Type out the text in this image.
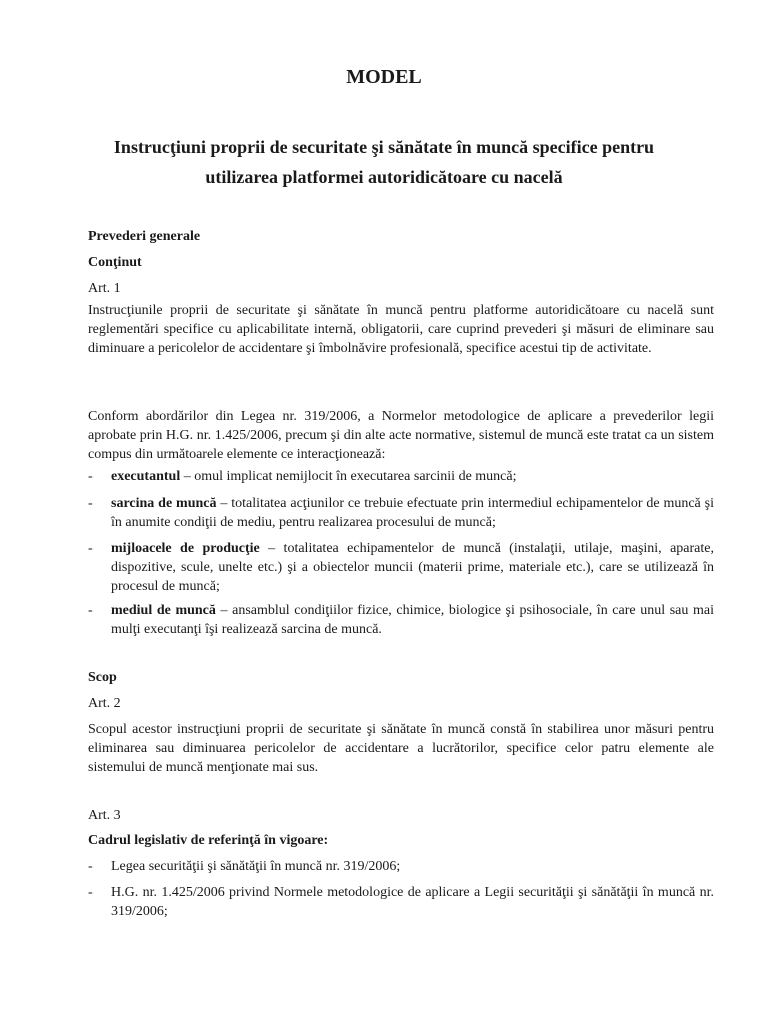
MODEL
Instrucţiuni proprii de securitate şi sănătate în muncă specifice pentru
utilizarea platformei autoridicătoare cu nacelă
Prevederi generale
Conţinut
Art. 1
Instrucţiunile proprii de securitate şi sănătate în muncă pentru platforme autoridicătoare cu nacelă sunt reglementări specifice cu aplicabilitate internă, obligatorii, care cuprind prevederi şi măsuri de eliminare sau diminuare a pericolelor de accidentare şi îmbolnăvire profesională, specifice acestui tip de activitate.
Conform abordărilor din Legea nr. 319/2006, a Normelor metodologice de aplicare a prevederilor legii aprobate prin H.G. nr. 1.425/2006, precum şi din alte acte normative, sistemul de muncă este tratat ca un sistem compus din următoarele elemente ce interacţionează:
-	executantul – omul implicat nemijlocit în executarea sarcinii de muncă;
-	sarcina de muncă – totalitatea acţiunilor ce trebuie efectuate prin intermediul echipamentelor de muncă şi în anumite condiţii de mediu, pentru realizarea procesului de muncă;
-	mijloacele de producţie – totalitatea echipamentelor de muncă (instalaţii, utilaje, maşini, aparate, dispozitive, scule, unelte etc.) şi a obiectelor muncii (materii prime, materiale etc.), care se utilizează în procesul de muncă;
-	mediul de muncă – ansamblul condiţiilor fizice, chimice, biologice şi psihosociale, în care unul sau mai mulţi executanţi îşi realizează sarcina de muncă.
Scop
Art. 2
Scopul acestor instrucţiuni proprii de securitate şi sănătate în muncă constă în stabilirea unor măsuri pentru eliminarea sau diminuarea pericolelor de accidentare a lucrătorilor, specifice celor patru elemente ale sistemului de muncă menţionate mai sus.
Art. 3
Cadrul legislativ de referinţă în vigoare:
-	Legea securităţii şi sănătăţii în muncă nr. 319/2006;
-	H.G. nr. 1.425/2006 privind Normele metodologice de aplicare a Legii securităţii şi sănătăţii în muncă nr. 319/2006;
